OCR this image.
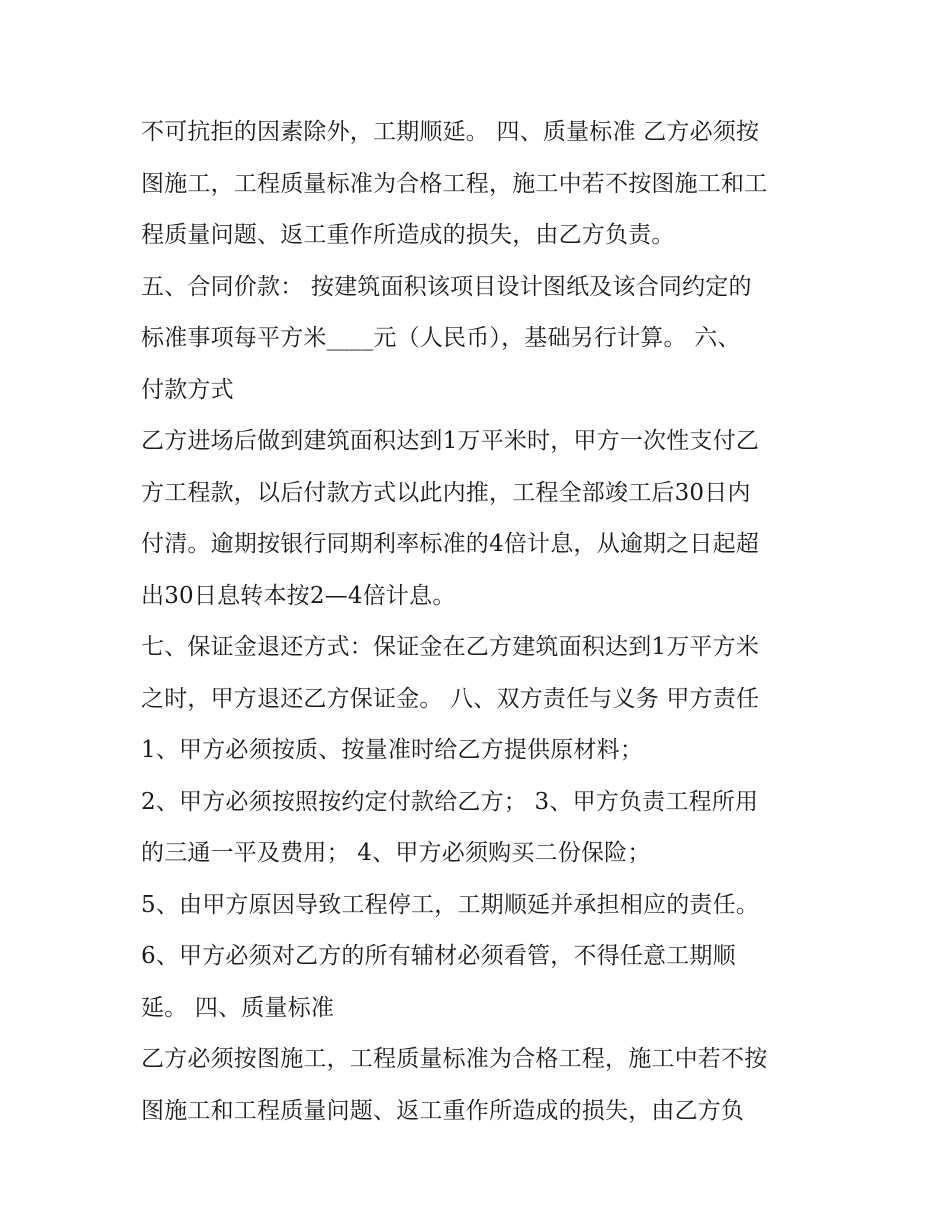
不可抗拒的因素除外，工期顺延。 四、质量标准 乙方必须按
图施工，工程质量标准为合格工程，施工中若不按图施工和工
程质量问题、返工重作所造成的损失，由乙方负责。
五、合同价款： 按建筑面积该项目设计图纸及该合同约定的
标准事项每平方米____元（人民币），基础另行计算。 六、
付款方式
乙方进场后做到建筑面积达到1万平米时，甲方一次性支付乙
方工程款，以后付款方式以此内推，工程全部竣工后30日内
付清。逾期按银行同期利率标准的4倍计息，从逾期之日起超
出30日息转本按2—4倍计息。
七、保证金退还方式：保证金在乙方建筑面积达到1万平方米
之时，甲方退还乙方保证金。 八、双方责任与义务 甲方责任
1、甲方必须按质、按量准时给乙方提供原材料；
2、甲方必须按照按约定付款给乙方； 3、甲方负责工程所用
的三通一平及费用； 4、甲方必须购买二份保险；
5、由甲方原因导致工程停工，工期顺延并承担相应的责任。
6、甲方必须对乙方的所有辅材必须看管，不得任意工期顺
延。 四、质量标准
乙方必须按图施工，工程质量标准为合格工程，施工中若不按
图施工和工程质量问题、返工重作所造成的损失，由乙方负
